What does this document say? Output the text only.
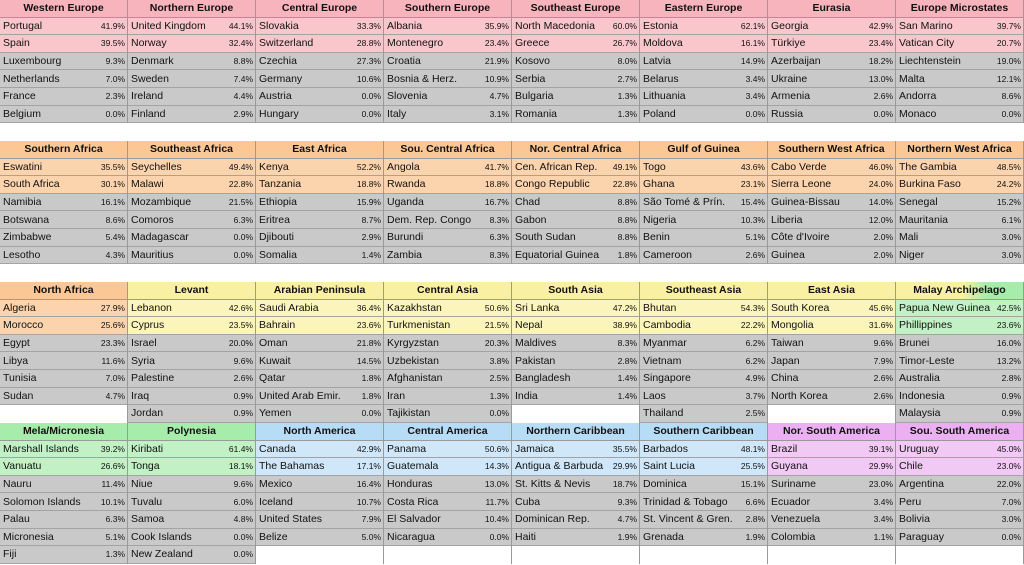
Western Europe
Portugal	41.9%
Spain	39.5%
Luxembourg	9.3%
Netherlands	7.0%
France	2.3%
Belgium	0.0%
Northern Europe
United Kingdom	44.1%
Norway	32.4%
Denmark	8.8%
Sweden	7.4%
Ireland	4.4%
Finland	2.9%
Central Europe
Slovakia	33.3%
Switzerland	28.8%
Czechia	27.3%
Germany	10.6%
Austria	0.0%
Hungary	0.0%
Southern Europe
Albania	35.9%
Montenegro	23.4%
Croatia	21.9%
Bosnia & Herz.	10.9%
Slovenia	4.7%
Italy	3.1%
Southeast Europe
North Macedonia	60.0%
Greece	26.7%
Kosovo	8.0%
Serbia	2.7%
Bulgaria	1.3%
Romania	1.3%
Eastern Europe
Estonia	62.1%
Moldova	16.1%
Latvia	14.9%
Belarus	3.4%
Lithuania	3.4%
Poland	0.0%
Eurasia
Georgia	42.9%
Türkiye	23.4%
Azerbaijan	18.2%
Ukraine	13.0%
Armenia	2.6%
Russia	0.0%
Europe Microstates
San Marino	39.7%
Vatican City	20.7%
Liechtenstein	19.0%
Malta	12.1%
Andorra	8.6%
Monaco	0.0%
Southern Africa
Eswatini	35.5%
South Africa	30.1%
Namibia	16.1%
Botswana	8.6%
Zimbabwe	5.4%
Lesotho	4.3%
Southeast Africa
Seychelles	49.4%
Malawi	22.8%
Mozambique	21.5%
Comoros	6.3%
Madagascar	0.0%
Mauritius	0.0%
East Africa
Kenya	52.2%
Tanzania	18.8%
Ethiopia	15.9%
Eritrea	8.7%
Djibouti	2.9%
Somalia	1.4%
Sou. Central Africa
Angola	41.7%
Rwanda	18.8%
Uganda	16.7%
Dem. Rep. Congo	8.3%
Burundi	6.3%
Zambia	8.3%
Nor. Central Africa
Cen. African Rep.	49.1%
Congo Republic	22.8%
Chad	8.8%
Gabon	8.8%
South Sudan	8.8%
Equatorial Guinea	1.8%
Gulf of Guinea
Togo	43.6%
Ghana	23.1%
São Tomé & Prín.	15.4%
Nigeria	10.3%
Benin	5.1%
Cameroon	2.6%
Southern West Africa
Cabo Verde	46.0%
Sierra Leone	24.0%
Guinea-Bissau	14.0%
Liberia	12.0%
Côte d'Ivoire	2.0%
Guinea	2.0%
Northern West Africa
The Gambia	48.5%
Burkina Faso	24.2%
Senegal	15.2%
Mauritania	6.1%
Mali	3.0%
Niger	3.0%
North Africa
Algeria	27.9%
Morocco	25.6%
Egypt	23.3%
Libya	11.6%
Tunisia	7.0%
Sudan	4.7%
Levant
Lebanon	42.6%
Cyprus	23.5%
Israel	20.0%
Syria	9.6%
Palestine	2.6%
Iraq	0.9%
Jordan	0.9%
Arabian Peninsula
Saudi Arabia	36.4%
Bahrain	23.6%
Oman	21.8%
Kuwait	14.5%
Qatar	1.8%
United Arab Emir.	1.8%
Yemen	0.0%
Central Asia
Kazakhstan	50.6%
Turkmenistan	21.5%
Kyrgyzstan	20.3%
Uzbekistan	3.8%
Afghanistan	2.5%
Iran	1.3%
Tajikistan	0.0%
South Asia
Sri Lanka	47.2%
Nepal	38.9%
Maldives	8.3%
Pakistan	2.8%
Bangladesh	1.4%
India	1.4%
Southeast Asia
Bhutan	54.3%
Cambodia	22.2%
Myanmar	6.2%
Vietnam	6.2%
Singapore	4.9%
Laos	3.7%
Thailand	2.5%
East Asia
South Korea	45.6%
Mongolia	31.6%
Taiwan	9.6%
Japan	7.9%
China	2.6%
North Korea	2.6%
Malay Archipelago
Papua New Guinea 42.5%
Phillippines	23.6%
Brunei	16.0%
Timor-Leste	13.2%
Australia	2.8%
Indonesia	0.9%
Malaysia	0.9%
Mela/Micronesia
Marshall Islands	39.2%
Vanuatu	26.6%
Nauru	11.4%
Solomon Islands	10.1%
Palau	6.3%
Micronesia	5.1%
Fiji	1.3%
Polynesia
Kiribati	61.4%
Tonga	18.1%
Niue	9.6%
Tuvalu	6.0%
Samoa	4.8%
Cook Islands	0.0%
New Zealand	0.0%
North America
Canada	42.9%
The Bahamas	17.1%
Mexico	16.4%
Iceland	10.7%
United States	7.9%
Belize	5.0%
Central America
Panama	50.6%
Guatemala	14.3%
Honduras	13.0%
Costa Rica	11.7%
El Salvador	10.4%
Nicaragua	0.0%
Northern Caribbean
Jamaica	35.5%
Antigua & Barbuda	29.9%
St. Kitts & Nevis	18.7%
Cuba	9.3%
Dominican Rep.	4.7%
Haiti	1.9%
Southern Caribbean
Barbados	48.1%
Saint Lucia	25.5%
Dominica	15.1%
Trinidad & Tobago	6.6%
St. Vincent & Gren.	2.8%
Grenada	1.9%
Nor. South America
Brazil	39.1%
Guyana	29.9%
Suriname	23.0%
Ecuador	3.4%
Venezuela	3.4%
Colombia	1.1%
Sou. South America
Uruguay	45.0%
Chile	23.0%
Argentina	22.0%
Peru	7.0%
Bolivia	3.0%
Paraguay	0.0%
